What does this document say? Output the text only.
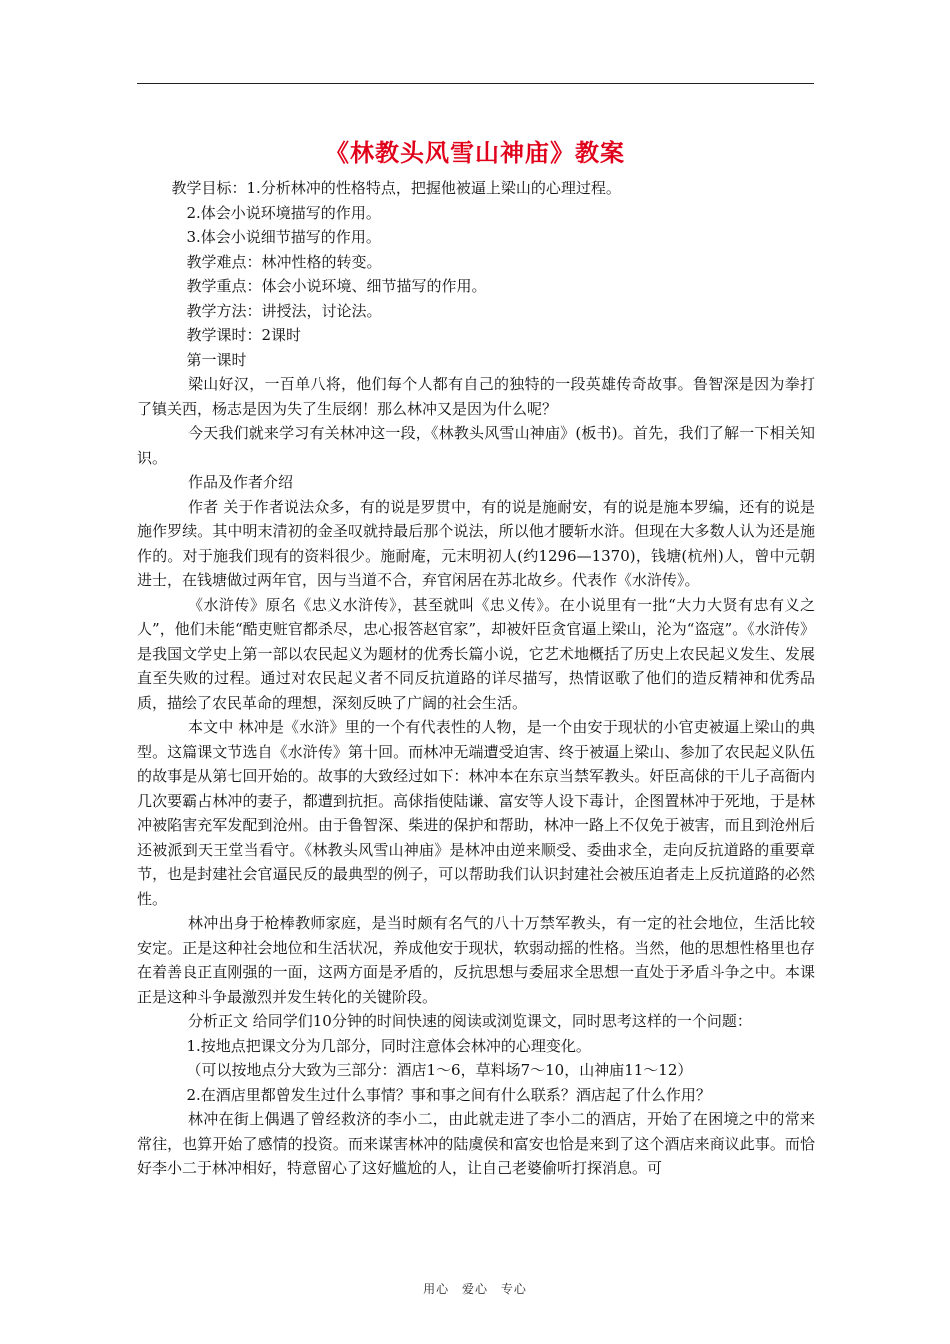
《林教头风雪山神庙》教案

教学目标：1.分析林冲的性格特点，把握他被逼上梁山的心理过程。

2.体会小说环境描写的作用。

3.体会小说细节描写的作用。

教学难点：林冲性格的转变。

教学重点：体会小说环境、细节描写的作用。

教学方法：讲授法，讨论法。

教学课时：2课时

第一课时

梁山好汉，一百单八将，他们每个人都有自己的独特的一段英雄传奇故事。鲁智深是因为拳打了镇关西，杨志是因为失了生辰纲！那么林冲又是因为什么呢？

今天我们就来学习有关林冲这一段，《林教头风雪山神庙》(板书)。首先，我们了解一下相关知识。

作品及作者介绍

作者 关于作者说法众多，有的说是罗贯中，有的说是施耐安，有的说是施本罗编，还有的说是施作罗续。其中明末清初的金圣叹就持最后那个说法，所以他才腰斩水浒。但现在大多数人认为还是施作的。对于施我们现有的资料很少。施耐庵，元末明初人(约1296—1370)，钱塘(杭州)人，曾中元朝进士，在钱塘做过两年官，因与当道不合，弃官闲居在苏北故乡。代表作《水浒传》。

《水浒传》原名《忠义水浒传》，甚至就叫《忠义传》。在小说里有一批“大力大贤有忠有义之人”，他们未能“酷吏赃官都杀尽，忠心报答赵官家”，却被奸臣贪官逼上梁山，沦为“盗寇”。《水浒传》是我国文学史上第一部以农民起义为题材的优秀长篇小说，它艺术地概括了历史上农民起义发生、发展直至失败的过程。通过对农民起义者不同反抗道路的详尽描写，热情讴歌了他们的造反精神和优秀品质，描绘了农民革命的理想，深刻反映了广阔的社会生活。

本文中 林冲是《水浒》里的一个有代表性的人物，是一个由安于现状的小官吏被逼上梁山的典型。这篇课文节选自《水浒传》第十回。而林冲无端遭受迫害、终于被逼上梁山、参加了农民起义队伍的故事是从第七回开始的。故事的大致经过如下：林冲本在东京当禁军教头。奸臣高俅的干儿子高衙内几次要霸占林冲的妻子，都遭到抗拒。高俅指使陆谦、富安等人设下毒计，企图置林冲于死地，于是林冲被陷害充军发配到沧州。由于鲁智深、柴进的保护和帮助，林冲一路上不仅免于被害，而且到沧州后还被派到天王堂当看守。《林教头风雪山神庙》是林冲由逆来顺受、委曲求全，走向反抗道路的重要章节，也是封建社会官逼民反的最典型的例子，可以帮助我们认识封建社会被压迫者走上反抗道路的必然性。

林冲出身于枪棒教师家庭，是当时颇有名气的八十万禁军教头，有一定的社会地位，生活比较安定。正是这种社会地位和生活状况，养成他安于现状，软弱动摇的性格。当然，他的思想性格里也存在着善良正直刚强的一面，这两方面是矛盾的，反抗思想与委屈求全思想一直处于矛盾斗争之中。本课正是这种斗争最激烈并发生转化的关键阶段。

分析正文 给同学们10分钟的时间快速的阅读或浏览课文，同时思考这样的一个问题：

1.按地点把课文分为几部分，同时注意体会林冲的心理变化。

（可以按地点分大致为三部分：酒店1～6，草料场7～10，山神庙11～12）

2.在酒店里都曾发生过什么事情？事和事之间有什么联系？酒店起了什么作用？

林冲在街上偶遇了曾经救济的李小二，由此就走进了李小二的酒店，开始了在困境之中的常来常往，也算开始了感情的投资。而来谋害林冲的陆虞侯和富安也恰是来到了这个酒店来商议此事。而恰好李小二于林冲相好，特意留心了这好尴尬的人，让自己老婆偷听打探消息。可

用心 爱心 专心
